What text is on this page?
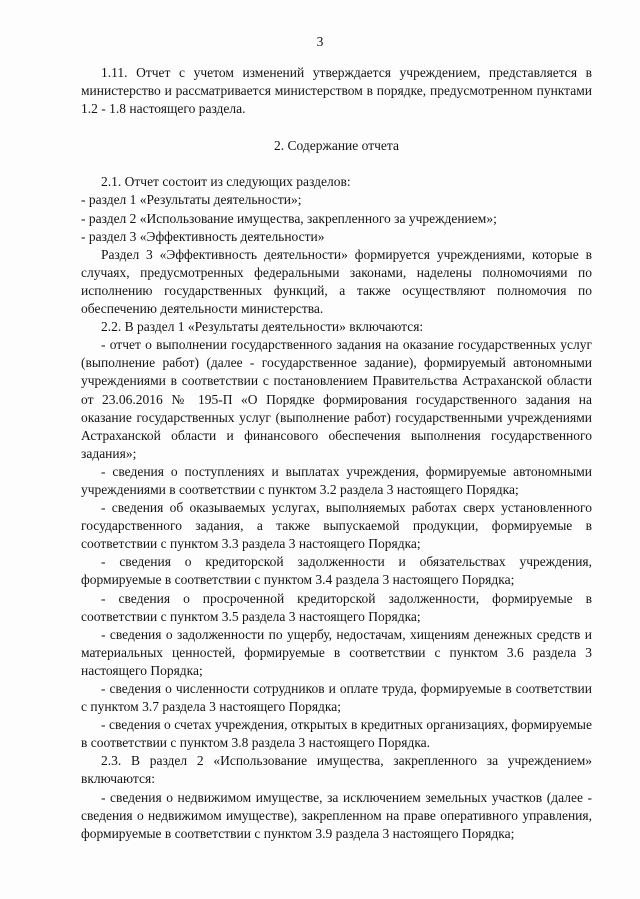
3

1.11. Отчет с учетом изменений утверждается учреждением, представляется в министерство и рассматривается министерством в порядке, предусмотренном пунктами 1.2 - 1.8 настоящего раздела.

2. Содержание отчета

2.1. Отчет состоит из следующих разделов:

- раздел 1 «Результаты деятельности»;

- раздел 2 «Использование имущества, закрепленного за учреждением»;

- раздел 3 «Эффективность деятельности»

Раздел 3 «Эффективность деятельности» формируется учреждениями, которые в случаях, предусмотренных федеральными законами, наделены полномочиями по исполнению государственных функций, а также осуществляют полномочия по обеспечению деятельности министерства.

2.2. В раздел 1 «Результаты деятельности» включаются:

- отчет о выполнении государственного задания на оказание государственных услуг (выполнение работ) (далее - государственное задание), формируемый автономными учреждениями в соответствии с постановлением Правительства Астраханской области от 23.06.2016 № 195-П «О Порядке формирования государственного задания на оказание государственных услуг (выполнение работ) государственными учреждениями Астраханской области и финансового обеспечения выполнения государственного задания»;

- сведения о поступлениях и выплатах учреждения, формируемые автономными учреждениями в соответствии с пунктом 3.2 раздела 3 настоящего Порядка;

- сведения об оказываемых услугах, выполняемых работах сверх установленного государственного задания, а также выпускаемой продукции, формируемые в соответствии с пунктом 3.3 раздела 3 настоящего Порядка;

- сведения о кредиторской задолженности и обязательствах учреждения, формируемые в соответствии с пунктом 3.4 раздела 3 настоящего Порядка;

- сведения о просроченной кредиторской задолженности, формируемые в соответствии с пунктом 3.5 раздела 3 настоящего Порядка;

- сведения о задолженности по ущербу, недостачам, хищениям денежных средств и материальных ценностей, формируемые в соответствии с пунктом 3.6 раздела 3 настоящего Порядка;

- сведения о численности сотрудников и оплате труда, формируемые в соответствии с пунктом 3.7 раздела 3 настоящего Порядка;

- сведения о счетах учреждения, открытых в кредитных организациях, формируемые в соответствии с пунктом 3.8 раздела 3 настоящего Порядка.

2.3. В раздел 2 «Использование имущества, закрепленного за учреждением» включаются:

- сведения о недвижимом имуществе, за исключением земельных участков (далее - сведения о недвижимом имуществе), закрепленном на праве оперативного управления, формируемые в соответствии с пунктом 3.9 раздела 3 настоящего Порядка;
